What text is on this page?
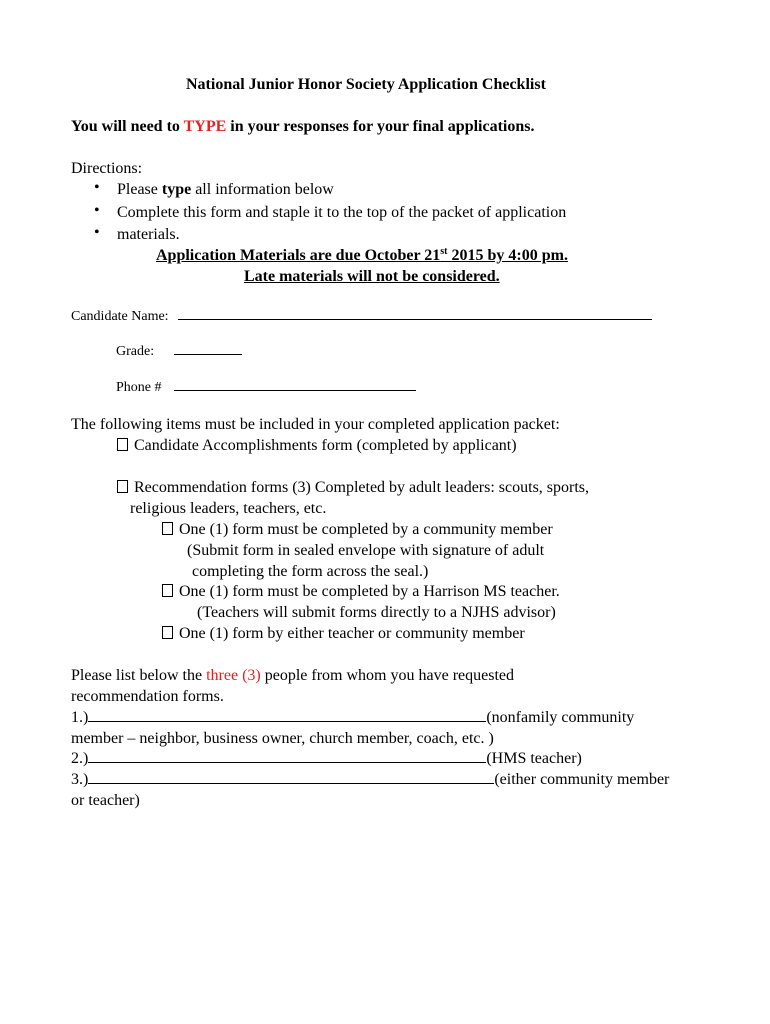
National Junior Honor Society Application Checklist
You will need to TYPE in your responses for your final applications.
Directions:
• Please type all information below
• Complete this form and staple it to the top of the packet of application
• materials.
Application Materials are due October 21st 2015 by 4:00 pm.
Late materials will not be considered.
Candidate Name:
Grade:
Phone #
The following items must be included in your completed application packet:
Candidate Accomplishments form (completed by applicant)
Recommendation forms (3) Completed by adult leaders: scouts, sports,
religious leaders, teachers, etc.
One (1) form must be completed by a community member
(Submit form in sealed envelope with signature of adult
completing the form across the seal.)
One (1) form must be completed by a Harrison MS teacher.
(Teachers will submit forms directly to a NJHS advisor)
One (1) form by either teacher or community member
Please list below the three (3) people from whom you have requested
recommendation forms.
1.)	(nonfamily community
member – neighbor, business owner, church member, coach, etc. )
2.)	(HMS teacher)
3.)	(either community member
or teacher)
